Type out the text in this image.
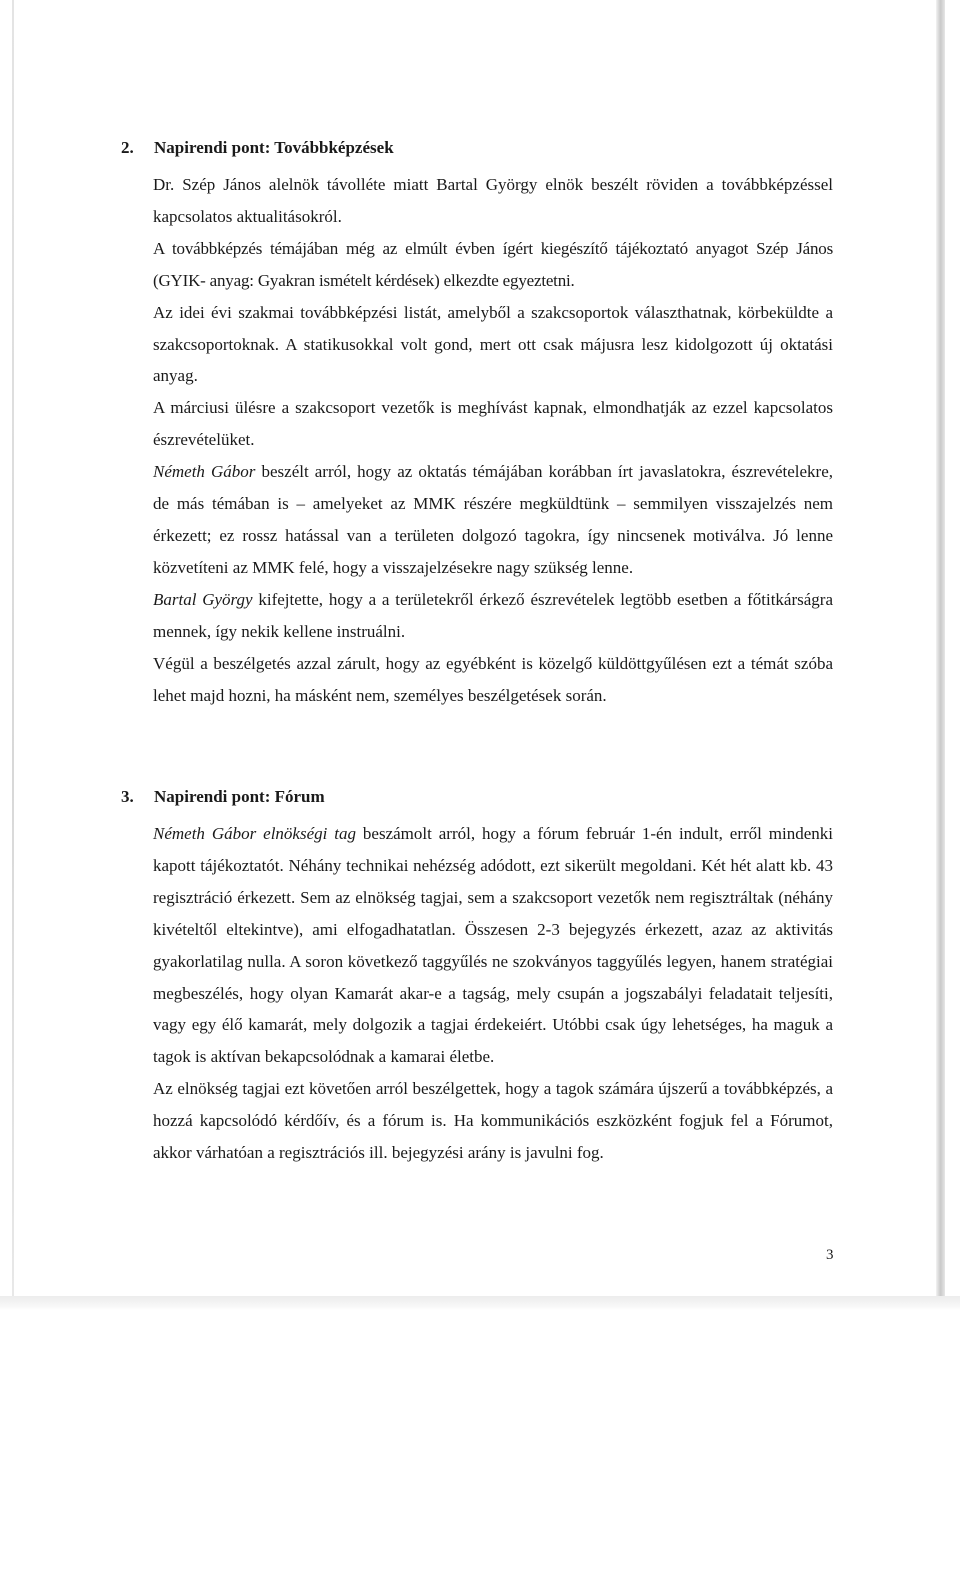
2. Napirendi pont: Továbbképzések

Dr. Szép János alelnök távolléte miatt Bartal György elnök beszélt röviden a továbbképzéssel kapcsolatos aktualitásokról.

A továbbképzés témájában még az elmúlt évben ígért kiegészítő tájékoztató anyagot Szép János (GYIK- anyag: Gyakran ismételt kérdések) elkezdte egyeztetni.

Az idei évi szakmai továbbképzési listát, amelyből a szakcsoportok választhatnak, körbeküldte a szakcsoportoknak. A statikusokkal volt gond, mert ott csak májusra lesz kidolgozott új oktatási anyag.

A márciusi ülésre a szakcsoport vezetők is meghívást kapnak, elmondhatják az ezzel kapcsolatos észrevételüket.

Németh Gábor beszélt arról, hogy az oktatás témájában korábban írt javaslatokra, észrevételekre, de más témában is – amelyeket az MMK részére megküldtünk – semmilyen visszajelzés nem érkezett; ez rossz hatással van a területen dolgozó tagokra, így nincsenek motiválva. Jó lenne közvetíteni az MMK felé, hogy a visszajelzésekre nagy szükség lenne.

Bartal György kifejtette, hogy a a területekről érkező észrevételek legtöbb esetben a főtitkárságra mennek, így nekik kellene instruálni.

Végül a beszélgetés azzal zárult, hogy az egyébként is közelgő küldöttgyűlésen ezt a témát szóba lehet majd hozni, ha másként nem, személyes beszélgetések során.

3. Napirendi pont: Fórum

Németh Gábor elnökségi tag beszámolt arról, hogy a fórum február 1-én indult, erről mindenki kapott tájékoztatót. Néhány technikai nehézség adódott, ezt sikerült megoldani. Két hét alatt kb. 43 regisztráció érkezett. Sem az elnökség tagjai, sem a szakcsoport vezetők nem regisztráltak (néhány kivételtől eltekintve), ami elfogadhatatlan. Összesen 2-3 bejegyzés érkezett, azaz az aktivitás gyakorlatilag nulla. A soron következő taggyűlés ne szokványos taggyűlés legyen, hanem stratégiai megbeszélés, hogy olyan Kamarát akar-e a tagság, mely csupán a jogszabályi feladatait teljesíti, vagy egy élő kamarát, mely dolgozik a tagjai érdekeiért. Utóbbi csak úgy lehetséges, ha maguk a tagok is aktívan bekapcsolódnak a kamarai életbe.

Az elnökség tagjai ezt követően arról beszélgettek, hogy a tagok számára újszerű a továbbképzés, a hozzá kapcsolódó kérdőív, és a fórum is. Ha kommunikációs eszközként fogjuk fel a Fórumot, akkor várhatóan a regisztrációs ill. bejegyzési arány is javulni fog.

3
